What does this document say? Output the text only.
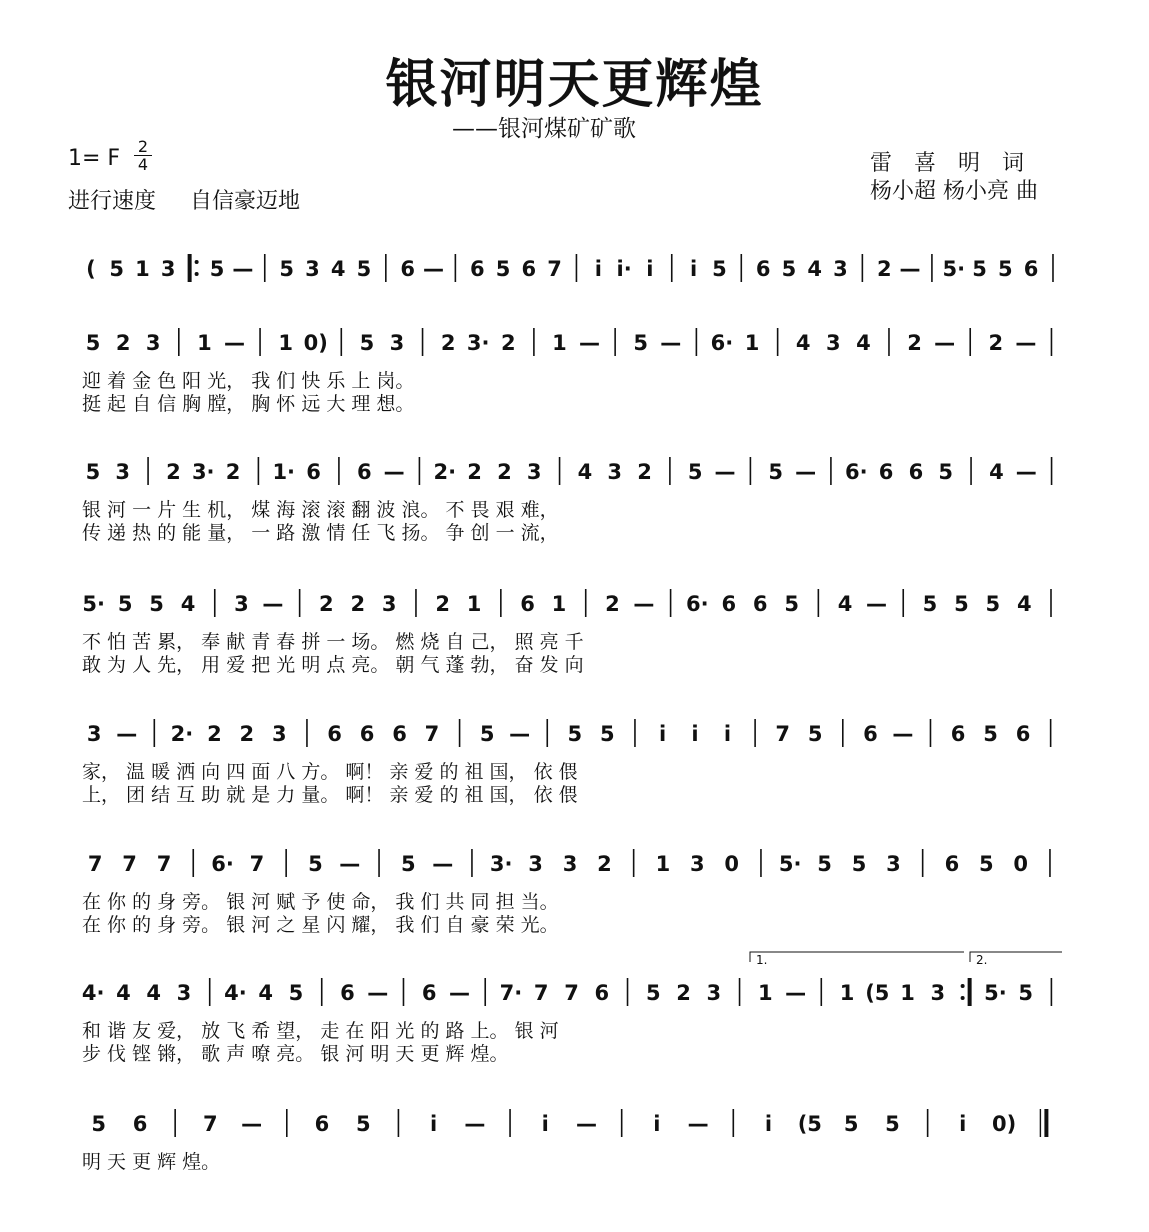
银河明天更辉煌
——银河煤矿矿歌
1= F $\frac{2}{4}$
进行速度 自信豪迈地
雷喜明词
杨小超 杨小亮 曲
( 5 1 3 5 — 5 3 4 5 6 — 6 5 6 7 i i· i i 5 6 5 4 3 2 — 5· 5 5 6
5 2 3 1 — 1 0) 5 3 2 3· 2 1 — 5 — 6· 1 4 3 4 2 — 2 —
迎 着 金 色 阳 光， 我 们 快 乐 上 岗。
挺 起 自 信 胸 膛， 胸 怀 远 大 理 想。
5 3 2 3· 2 1· 6 6 — 2· 2 2 3 4 3 2 5 — 5 — 6· 6 6 5 4 —
银 河 一 片 生 机， 煤 海 滚 滚 翻 波 浪。 不 畏 艰 难，
传 递 热 的 能 量， 一 路 激 情 任 飞 扬。 争 创 一 流，
5· 5 5 4 3 — 2 2 3 2 1 6 1 2 — 6· 6 6 5 4 — 5 5 5 4
不 怕 苦 累， 奉 献 青 春 拼 一 场。 燃 烧 自 己， 照 亮 千
敢 为 人 先， 用 爱 把 光 明 点 亮。 朝 气 蓬 勃， 奋 发 向
3 — 2· 2 2 3 6 6 6 7 5 — 5 5 i i i 7 5 6 — 6 5 6
家， 温 暖 洒 向 四 面 八 方。 啊！ 亲 爱 的 祖 国， 依 偎
上， 团 结 互 助 就 是 力 量。 啊！ 亲 爱 的 祖 国， 依 偎
7 7 7 6· 7 5 — 5 — 3· 3 3 2 1 3 0 5· 5 5 3 6 5 0
在 你 的 身 旁。 银 河 赋 予 使 命， 我 们 共 同 担 当。
在 你 的 身 旁。 银 河 之 星 闪 耀， 我 们 自 豪 荣 光。
4· 4 4 3 4· 4 5 6 — 6 — 7· 7 7 6 5 2 3 1 — 1 (5 1 3 5· 5
和 谐 友 爱， 放 飞 希 望， 走 在 阳 光 的 路 上。 银 河
步 伐 铿 锵， 歌 声 嘹 亮。 银 河 明 天 更 辉 煌。
1.	2.
5 6	7 — 6 5	i —	i —	i —	i (5 5 5	i 0)
明 天 更 辉 煌。
